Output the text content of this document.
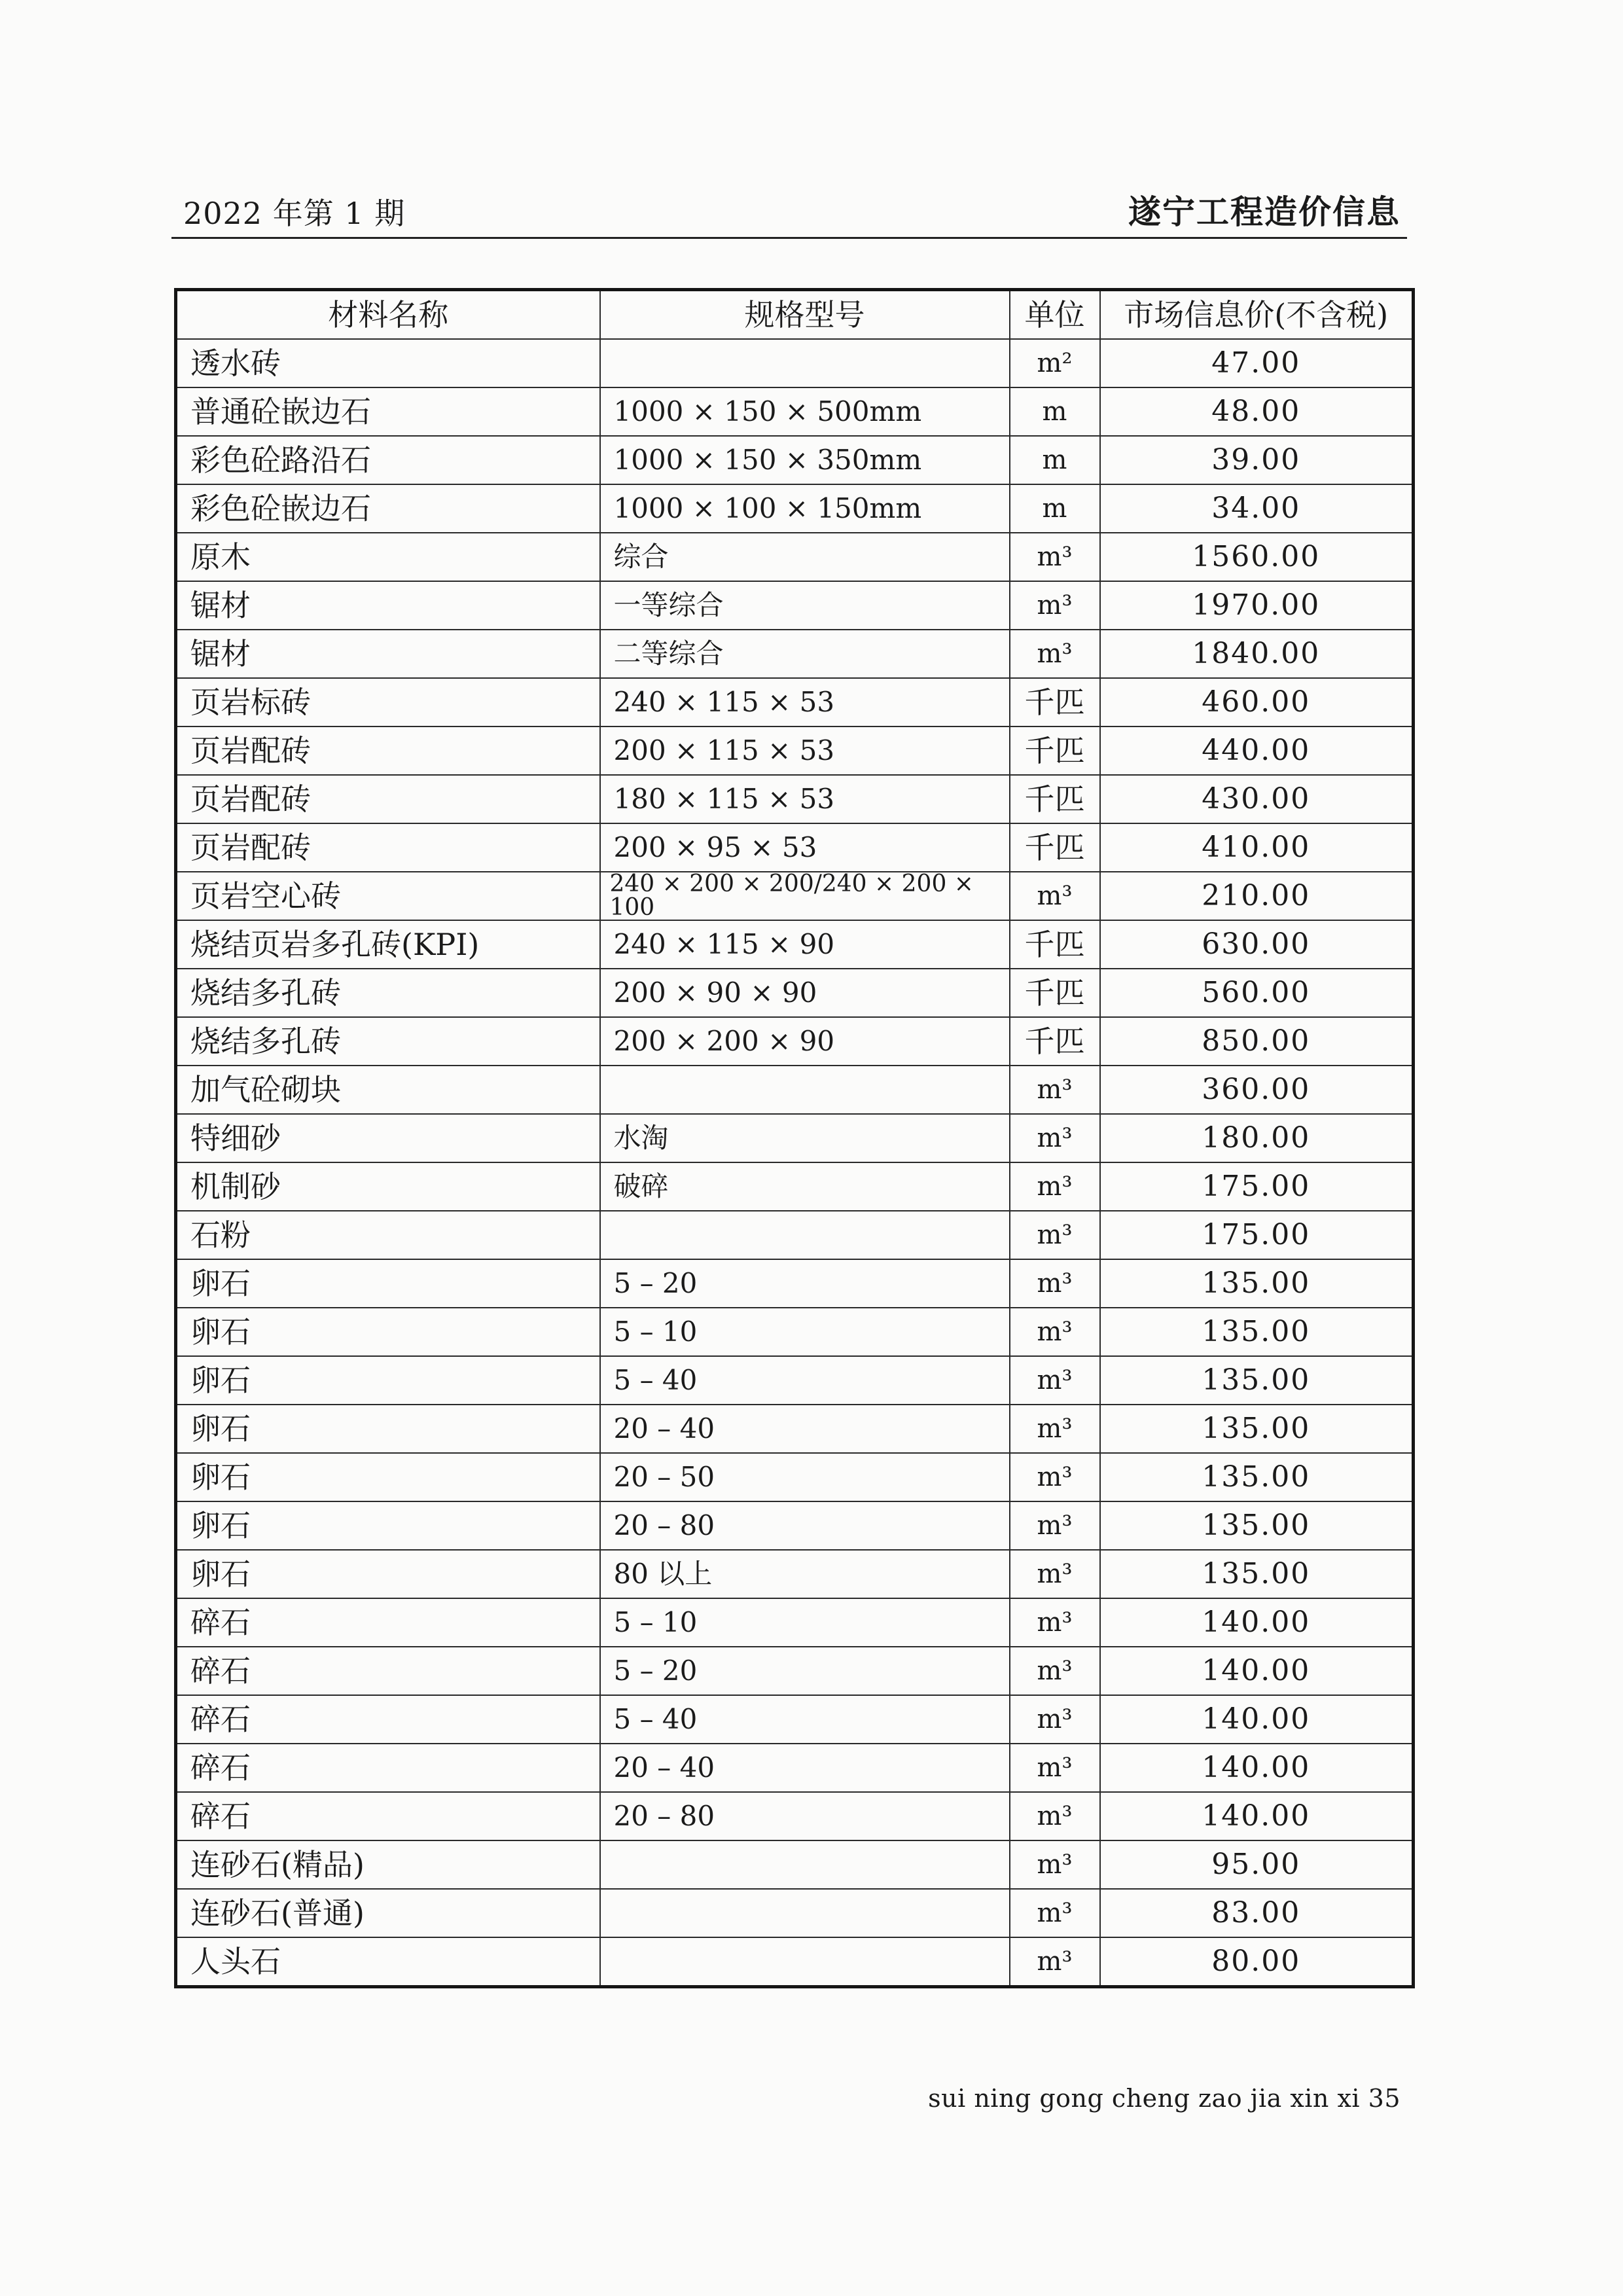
2022 年第 1 期	遂宁工程造价信息
材料名称	规格型号	单位	市场信息价(不含税)
透水砖		m²	47.00
普通砼嵌边石	1000 × 150 × 500mm	m	48.00
彩色砼路沿石	1000 × 150 × 350mm	m	39.00
彩色砼嵌边石	1000 × 100 × 150mm	m	34.00
原木	综合	m³	1560.00
锯材	一等综合	m³	1970.00
锯材	二等综合	m³	1840.00
页岩标砖	240 × 115 × 53	千匹	460.00
页岩配砖	200 × 115 × 53	千匹	440.00
页岩配砖	180 × 115 × 53	千匹	430.00
页岩配砖	200 × 95 × 53	千匹	410.00
页岩空心砖	240 × 200 × 200/240 × 200 × 100	m³	210.00
烧结页岩多孔砖(KPI)	240 × 115 × 90	千匹	630.00
烧结多孔砖	200 × 90 × 90	千匹	560.00
烧结多孔砖	200 × 200 × 90	千匹	850.00
加气砼砌块		m³	360.00
特细砂	水淘	m³	180.00
机制砂	破碎	m³	175.00
石粉		m³	175.00
卵石	5 – 20	m³	135.00
卵石	5 – 10	m³	135.00
卵石	5 – 40	m³	135.00
卵石	20 – 40	m³	135.00
卵石	20 – 50	m³	135.00
卵石	20 – 80	m³	135.00
卵石	80 以上	m³	135.00
碎石	5 – 10	m³	140.00
碎石	5 – 20	m³	140.00
碎石	5 – 40	m³	140.00
碎石	20 – 40	m³	140.00
碎石	20 – 80	m³	140.00
连砂石(精品)		m³	95.00
连砂石(普通)		m³	83.00
人头石		m³	80.00
sui ning gong cheng zao jia xin xi 35
